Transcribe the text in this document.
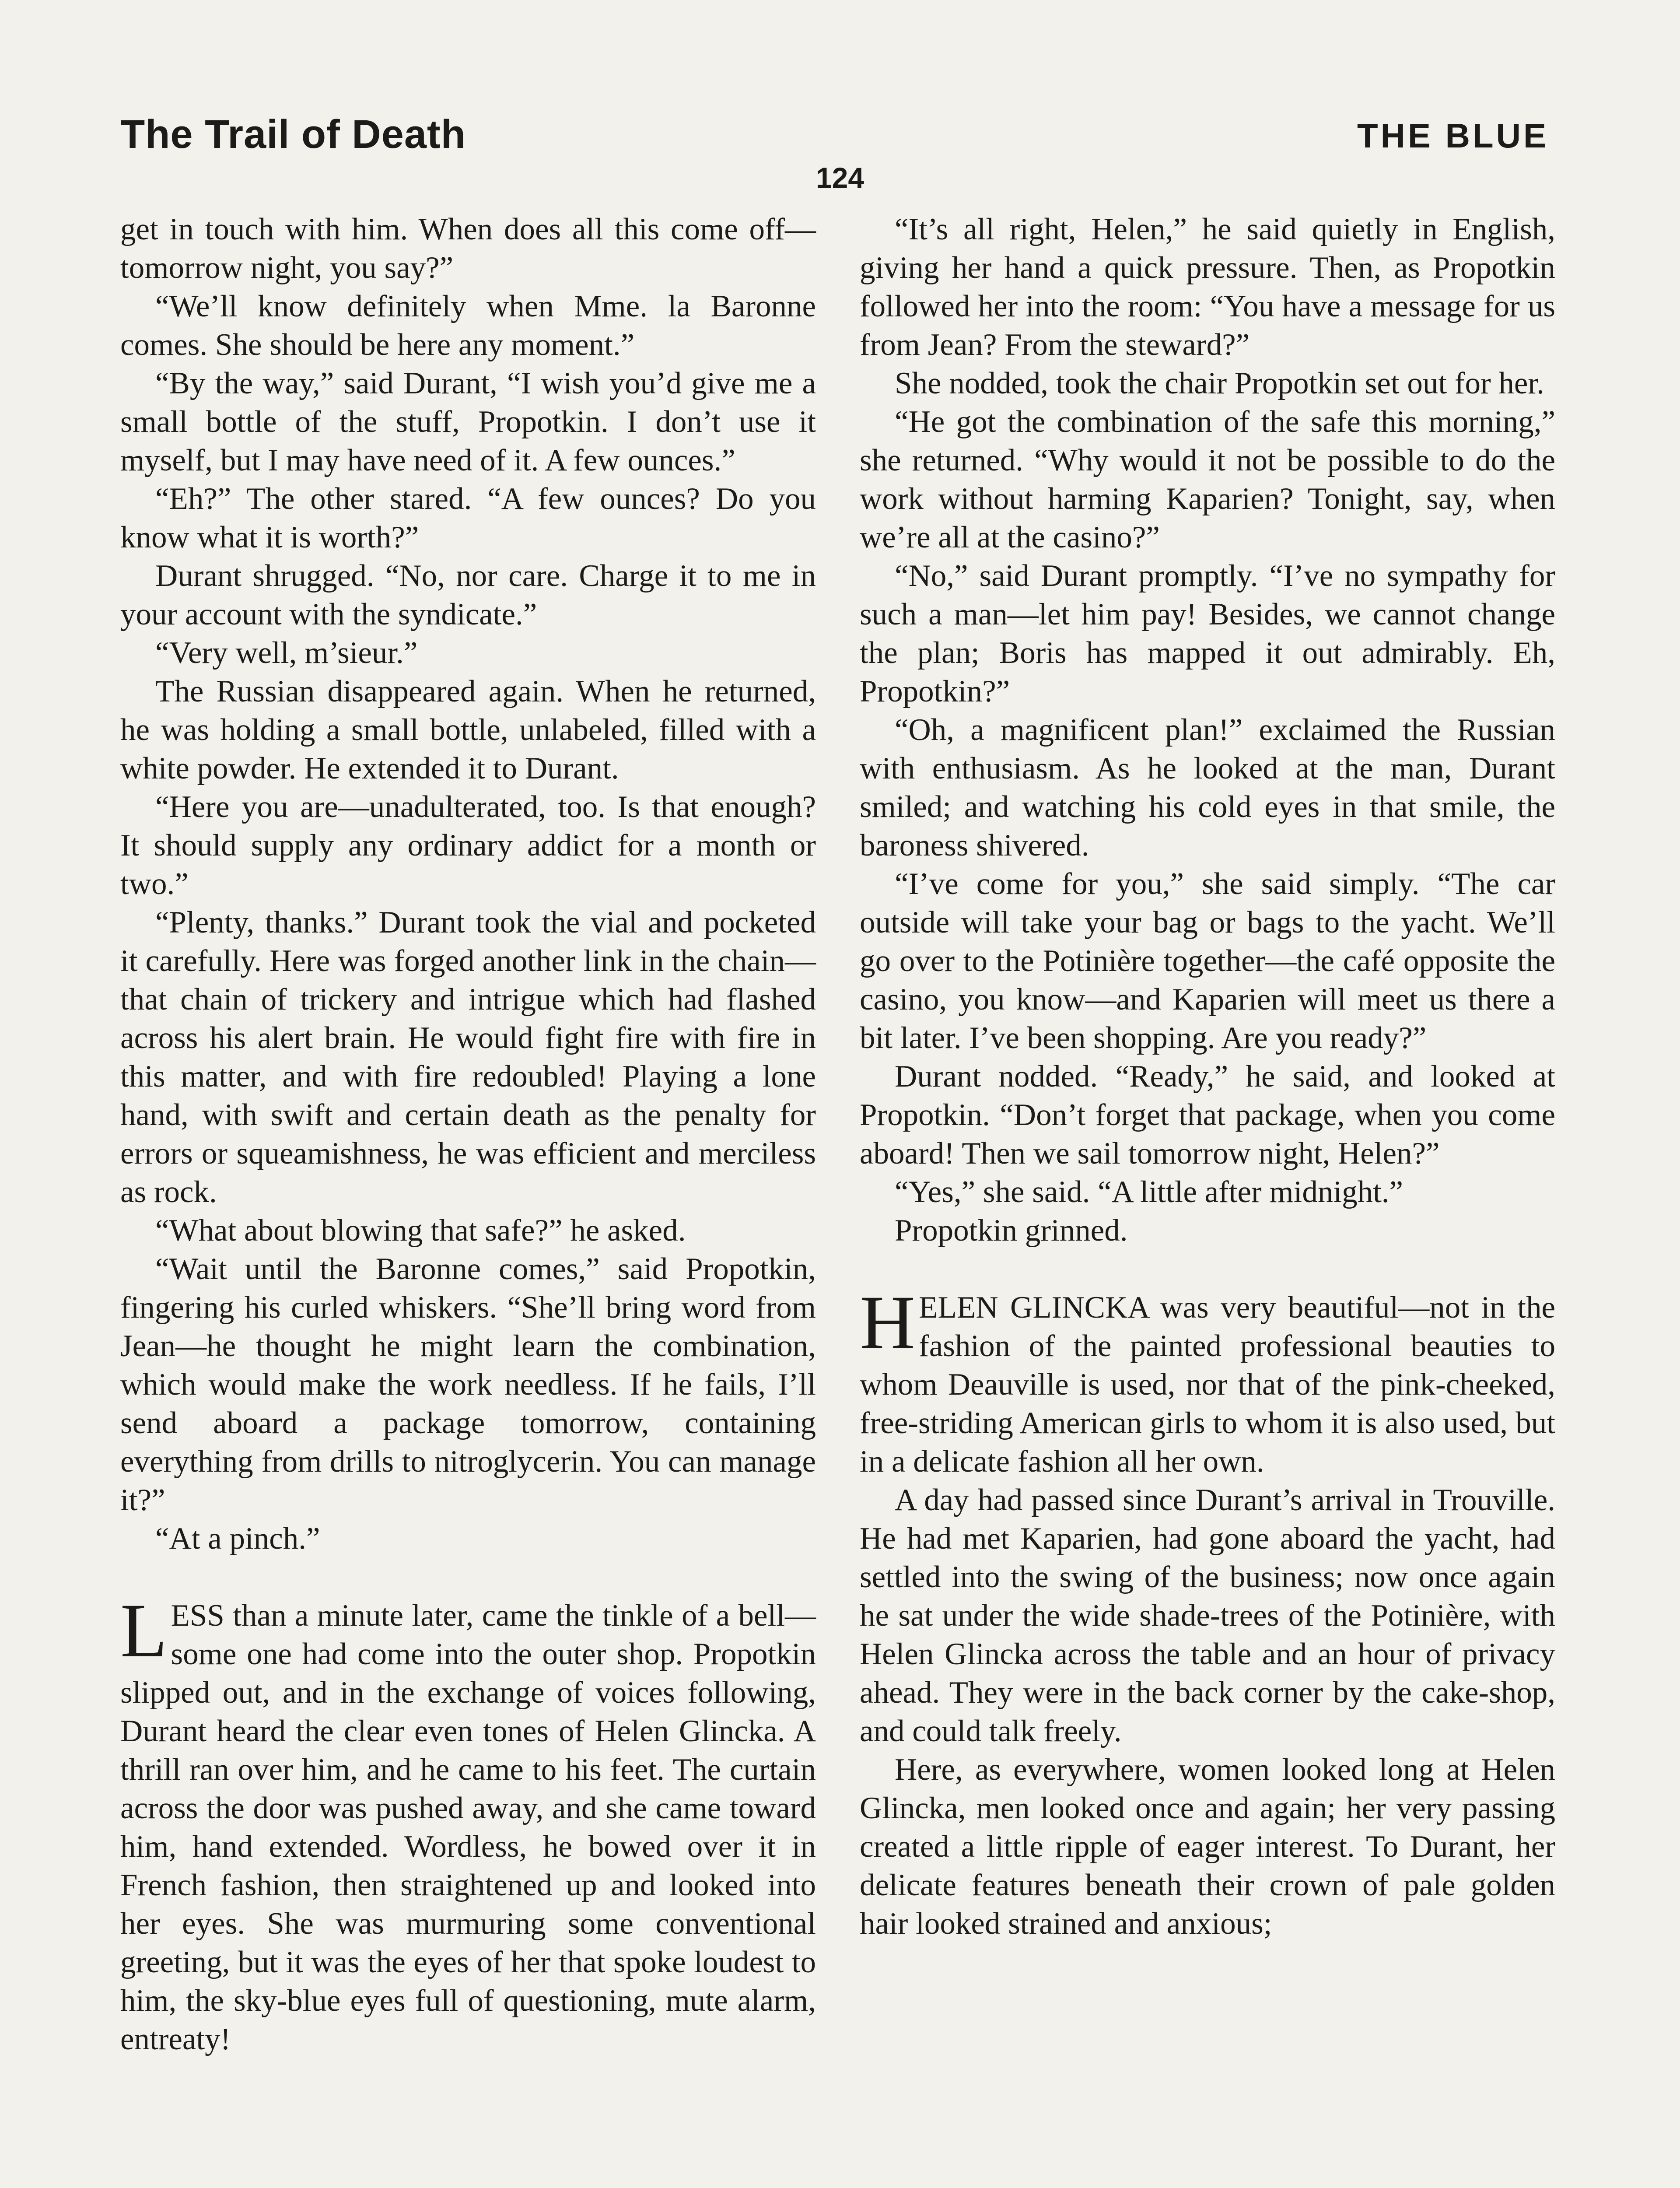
The Trail of Death	THE BLUE
124

get in touch with him. When does all this come off—tomorrow night, you say?”

“We’ll know definitely when Mme. la Baronne comes. She should be here any moment.”

“By the way,” said Durant, “I wish you’d give me a small bottle of the stuff, Propotkin. I don’t use it myself, but I may have need of it. A few ounces.”

“Eh?” The other stared. “A few ounces? Do you know what it is worth?”

Durant shrugged. “No, nor care. Charge it to me in your account with the syndicate.”

“Very well, m’sieur.”

The Russian disappeared again. When he returned, he was holding a small bottle, unlabeled, filled with a white powder. He extended it to Durant.

“Here you are—unadulterated, too. Is that enough? It should supply any ordinary addict for a month or two.”

“Plenty, thanks.” Durant took the vial and pocketed it carefully. Here was forged another link in the chain—that chain of trickery and intrigue which had flashed across his alert brain. He would fight fire with fire in this matter, and with fire redoubled! Playing a lone hand, with swift and certain death as the penalty for errors or squeamishness, he was efficient and merciless as rock.

“What about blowing that safe?” he asked.

“Wait until the Baronne comes,” said Propotkin, fingering his curled whiskers. “She’ll bring word from Jean—he thought he might learn the combination, which would make the work needless. If he fails, I’ll send aboard a package tomorrow, containing everything from drills to nitroglycerin. You can manage it?”

“At a pinch.”

LESS than a minute later, came the tinkle of a bell—some one had come into the outer shop. Propotkin slipped out, and in the exchange of voices following, Durant heard the clear even tones of Helen Glincka. A thrill ran over him, and he came to his feet. The curtain across the door was pushed away, and she came toward him, hand extended. Wordless, he bowed over it in French fashion, then straightened up and looked into her eyes. She was murmuring some conventional greeting, but it was the eyes of her that spoke loudest to him, the sky-blue eyes full of questioning, mute alarm, entreaty!

“It’s all right, Helen,” he said quietly in English, giving her hand a quick pressure. Then, as Propotkin followed her into the room: “You have a message for us from Jean? From the steward?”

She nodded, took the chair Propotkin set out for her.

“He got the combination of the safe this morning,” she returned. “Why would it not be possible to do the work without harming Kaparien? Tonight, say, when we’re all at the casino?”

“No,” said Durant promptly. “I’ve no sympathy for such a man—let him pay! Besides, we cannot change the plan; Boris has mapped it out admirably. Eh, Propotkin?”

“Oh, a magnificent plan!” exclaimed the Russian with enthusiasm. As he looked at the man, Durant smiled; and watching his cold eyes in that smile, the baroness shivered.

“I’ve come for you,” she said simply. “The car outside will take your bag or bags to the yacht. We’ll go over to the Potinière together—the café opposite the casino, you know—and Kaparien will meet us there a bit later. I’ve been shopping. Are you ready?”

Durant nodded. “Ready,” he said, and looked at Propotkin. “Don’t forget that package, when you come aboard! Then we sail tomorrow night, Helen?”

“Yes,” she said. “A little after midnight.”

Propotkin grinned.

HELEN GLINCKA was very beautiful—not in the fashion of the painted professional beauties to whom Deauville is used, nor that of the pink-cheeked, free-striding American girls to whom it is also used, but in a delicate fashion all her own.

A day had passed since Durant’s arrival in Trouville. He had met Kaparien, had gone aboard the yacht, had settled into the swing of the business; now once again he sat under the wide shade-trees of the Potinière, with Helen Glincka across the table and an hour of privacy ahead. They were in the back corner by the cake-shop, and could talk freely.

Here, as everywhere, women looked long at Helen Glincka, men looked once and again; her very passing created a little ripple of eager interest. To Durant, her delicate features beneath their crown of pale golden hair looked strained and anxious;
